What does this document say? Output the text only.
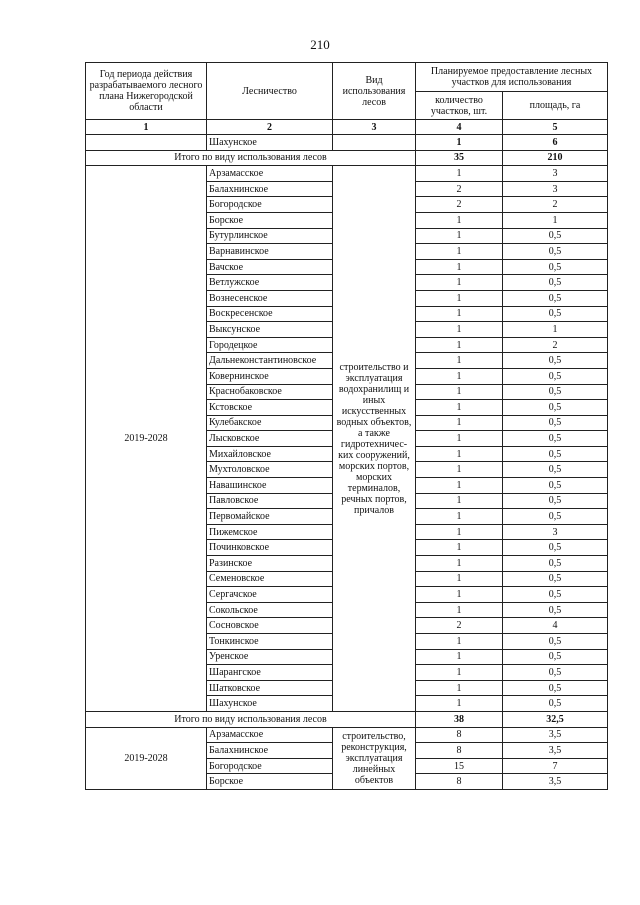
210
Год периода действия разрабатываемого лесного плана Нижегородской области	Лесничество	Вид использования лесов	Планируемое предоставление лесных участков для использования	
			количество участков, шт.	площадь, га
1	2	3	4	5
	Шахунское		1	6
Итого по виду использования лесов			35	210
2019-2028	Арзамасское	строительство и эксплуатация водохранилищ и иных искусственных водных объектов, а также гидротехничес-ких сооружений, морских портов, морских терминалов, речных портов, причалов	1	3
	Балахнинское		2	3
	Богородское		2	2
	Борское		1	1
	Бутурлинское		1	0,5
	Варнавинское		1	0,5
	Вачское		1	0,5
	Ветлужское		1	0,5
	Вознесенское		1	0,5
	Воскресенское		1	0,5
	Выксунское		1	1
	Городецкое		1	2
	Дальнеконстантиновское		1	0,5
	Ковернинское		1	0,5
	Краснобаковское		1	0,5
	Кстовское		1	0,5
	Кулебакское		1	0,5
	Лысковское		1	0,5
	Михайловское		1	0,5
	Мухтоловское		1	0,5
	Навашинское		1	0,5
	Павловское		1	0,5
	Первомайское		1	0,5
	Пижемское		1	3
	Починковское		1	0,5
	Разинское		1	0,5
	Семеновское		1	0,5
	Сергачское		1	0,5
	Сокольское		1	0,5
	Сосновское		2	4
	Тонкинское		1	0,5
	Уренское		1	0,5
	Шарангское		1	0,5
	Шатковское		1	0,5
	Шахунское		1	0,5
Итого по виду использования лесов			38	32,5
2019-2028	Арзамасское	строительство, реконструкция, эксплуатация линейных объектов	8	3,5
	Балахнинское		8	3,5
	Богородское		15	7
	Борское		8	3,5
